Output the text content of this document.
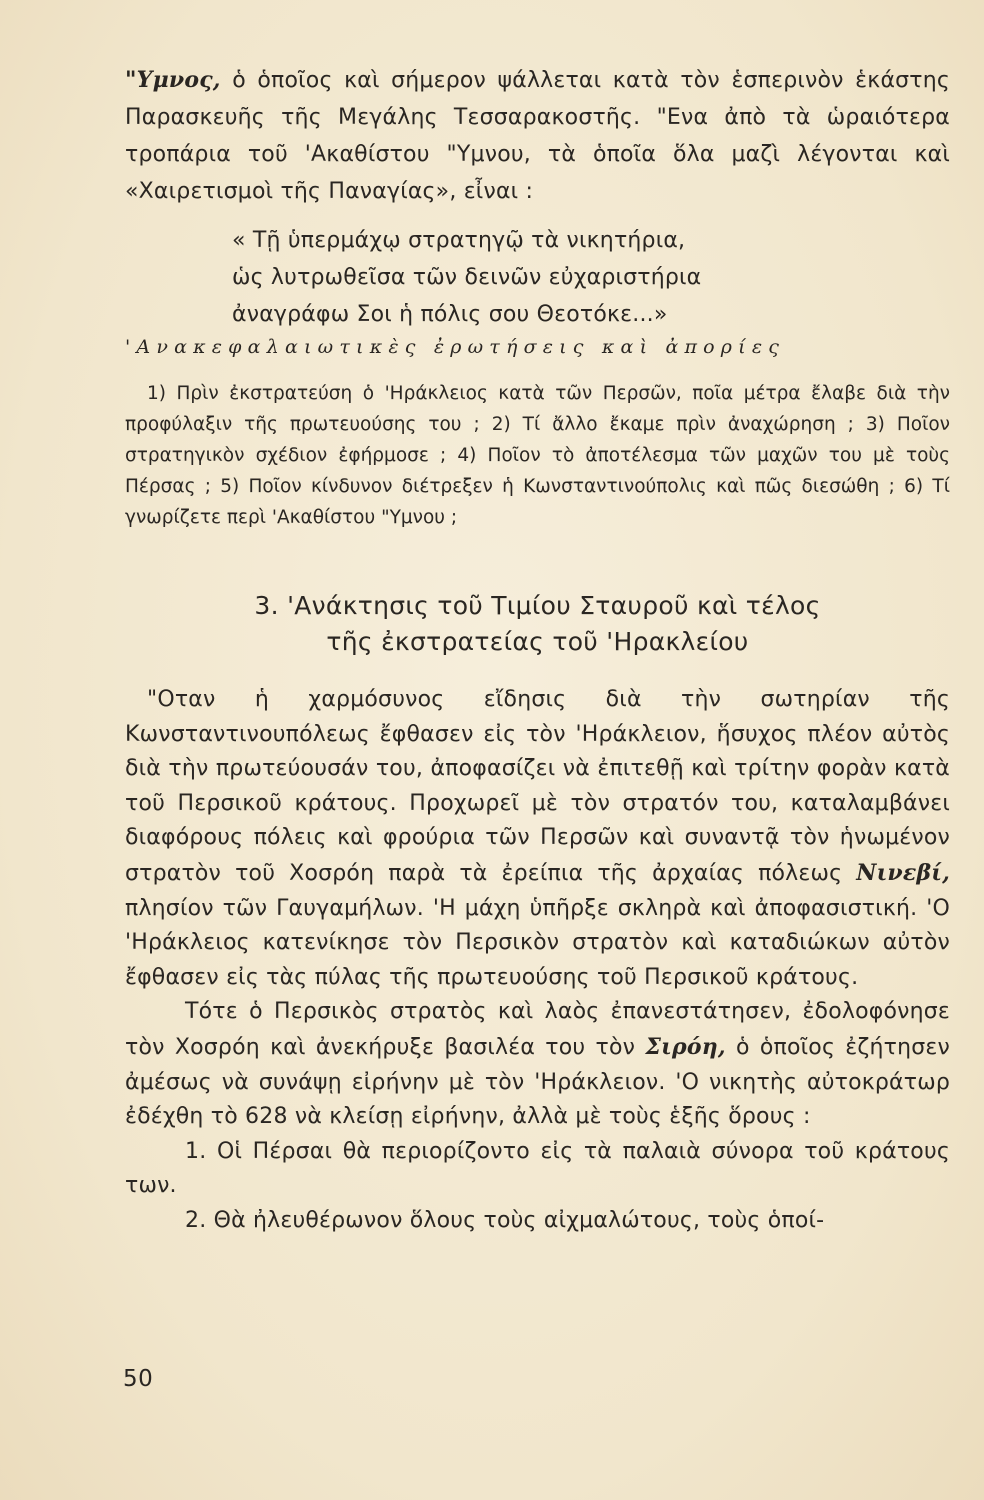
"Υμνος, ὁ ὁποῖος καὶ σήμερον ψάλλεται κατὰ τὸν ἑσπερινὸν ἑκάστης Παρασκευῆς τῆς Μεγάλης Τεσσαρακοστῆς. "Ενα ἀπὸ τὰ ὡραιότερα τροπάρια τοῦ 'Ακαθίστου "Υμνου, τὰ ὁποῖα ὅλα μαζὶ λέγονται καὶ «Χαιρετισμοὶ τῆς Παναγίας», εἶναι :
« Τῇ ὑπερμάχῳ στρατηγῷ τὰ νικητήρια,
ὡς λυτρωθεῖσα τῶν δεινῶν εὐχαριστήρια
ἀναγράφω Σοι ἡ πόλις σου Θεοτόκε...»
'Ανακεφαλαιωτικὲς ἐρωτήσεις καὶ ἀπορίες
1) Πρὶν ἐκστρατεύση ὁ 'Ηράκλειος κατὰ τῶν Περσῶν, ποῖα μέτρα ἔλαβε διὰ τὴν προφύλαξιν τῆς πρωτευούσης του ; 2) Τί ἄλλο ἔκαμε πρὶν ἀναχώρηση ; 3) Ποῖον στρατηγικὸν σχέδιον ἐφήρμοσε ; 4) Ποῖον τὸ ἀποτέλεσμα τῶν μαχῶν του μὲ τοὺς Πέρσας ; 5) Ποῖον κίνδυνον διέτρεξεν ἡ Κωνσταντινούπολις καὶ πῶς διεσώθη ; 6) Τί γνωρίζετε περὶ 'Ακαθίστου "Υμνου ;
3. 'Ανάκτησις τοῦ Τιμίου Σταυροῦ καὶ τέλος
τῆς ἐκστρατείας τοῦ 'Ηρακλείου

"Οταν ἡ χαρμόσυνος εἴδησις διὰ τὴν σωτηρίαν τῆς Κωνσταντινουπόλεως ἔφθασεν εἰς τὸν 'Ηράκλειον, ἥσυχος πλέον αὐτὸς διὰ τὴν πρωτεύουσάν του, ἀποφασίζει νὰ ἐπιτεθῇ καὶ τρίτην φορὰν κατὰ τοῦ Περσικοῦ κράτους. Προχωρεῖ μὲ τὸν στρατόν του, καταλαμβάνει διαφόρους πόλεις καὶ φρούρια τῶν Περσῶν καὶ συναντᾷ τὸν ἡνωμένον στρατὸν τοῦ Χοσρόη παρὰ τὰ ἐρείπια τῆς ἀρχαίας πόλεως Νινεβί, πλησίον τῶν Γαυγαμήλων. 'Η μάχη ὑπῆρξε σκληρὰ καὶ ἀποφασιστική. 'Ο 'Ηράκλειος κατενίκησε τὸν Περσικὸν στρατὸν καὶ καταδιώκων αὐτὸν ἔφθασεν εἰς τὰς πύλας τῆς πρωτευούσης τοῦ Περσικοῦ κράτους.

Τότε ὁ Περσικὸς στρατὸς καὶ λαὸς ἐπανεστάτησεν, ἐδολοφόνησε τὸν Χοσρόη καὶ ἀνεκήρυξε βασιλέα του τὸν Σιρόη, ὁ ὁποῖος ἐζήτησεν ἀμέσως νὰ συνάψῃ εἰρήνην μὲ τὸν 'Ηράκλειον. 'Ο νικητὴς αὐτοκράτωρ ἐδέχθη τὸ 628 νὰ κλείσῃ εἰρήνην, ἀλλὰ μὲ τοὺς ἑξῆς ὅρους :

1. Οἱ Πέρσαι θὰ περιορίζοντο εἰς τὰ παλαιὰ σύνορα τοῦ κράτους των.

2. Θὰ ἠλευθέρωνον ὅλους τοὺς αἰχμαλώτους, τοὺς ὁποί-

50
